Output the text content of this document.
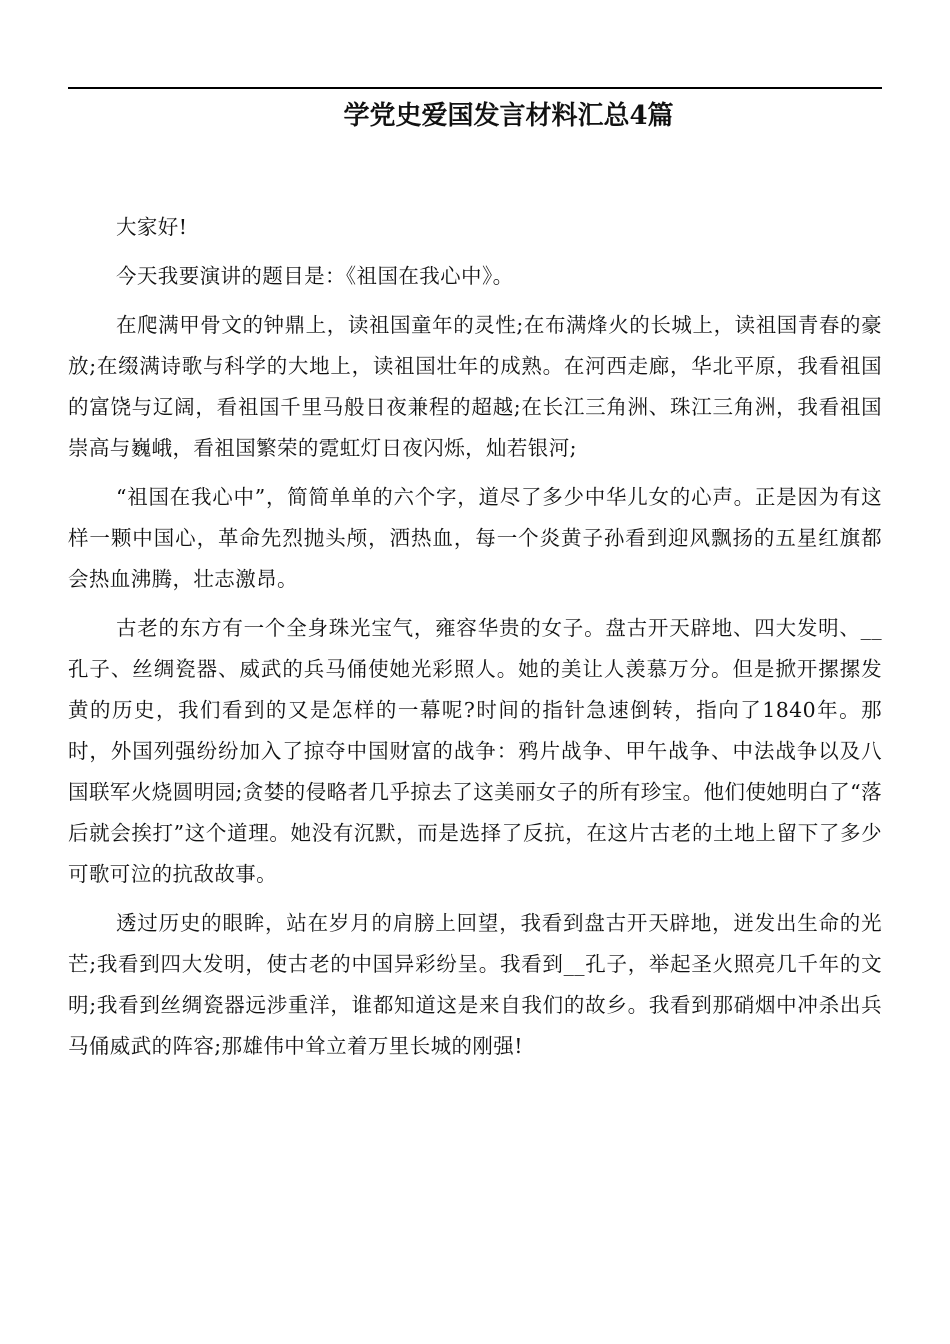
学党史爱国发言材料汇总4篇

大家好!

今天我要演讲的题目是：《祖国在我心中》。

在爬满甲骨文的钟鼎上，读祖国童年的灵性;在布满烽火的长城上，读祖国青春的豪放;在缀满诗歌与科学的大地上，读祖国壮年的成熟。在河西走廊，华北平原，我看祖国的富饶与辽阔，看祖国千里马般日夜兼程的超越;在长江三角洲、珠江三角洲，我看祖国崇高与巍峨，看祖国繁荣的霓虹灯日夜闪烁，灿若银河;

“祖国在我心中”，简简单单的六个字，道尽了多少中华儿女的心声。正是因为有这样一颗中国心，革命先烈抛头颅，洒热血，每一个炎黄子孙看到迎风飘扬的五星红旗都会热血沸腾，壮志激昂。

古老的东方有一个全身珠光宝气，雍容华贵的女子。盘古开天辟地、四大发明、__孔子、丝绸瓷器、威武的兵马俑使她光彩照人。她的美让人羡慕万分。但是掀开摞摞发黄的历史，我们看到的又是怎样的一幕呢?时间的指针急速倒转，指向了1840年。那时，外国列强纷纷加入了掠夺中国财富的战争：鸦片战争、甲午战争、中法战争以及八国联军火烧圆明园;贪婪的侵略者几乎掠去了这美丽女子的所有珍宝。他们使她明白了“落后就会挨打”这个道理。她没有沉默，而是选择了反抗，在这片古老的土地上留下了多少可歌可泣的抗敌故事。

透过历史的眼眸，站在岁月的肩膀上回望，我看到盘古开天辟地，迸发出生命的光芒;我看到四大发明，使古老的中国异彩纷呈。我看到__孔子，举起圣火照亮几千年的文明;我看到丝绸瓷器远涉重洋，谁都知道这是来自我们的故乡。我看到那硝烟中冲杀出兵马俑威武的阵容;那雄伟中耸立着万里长城的刚强!
